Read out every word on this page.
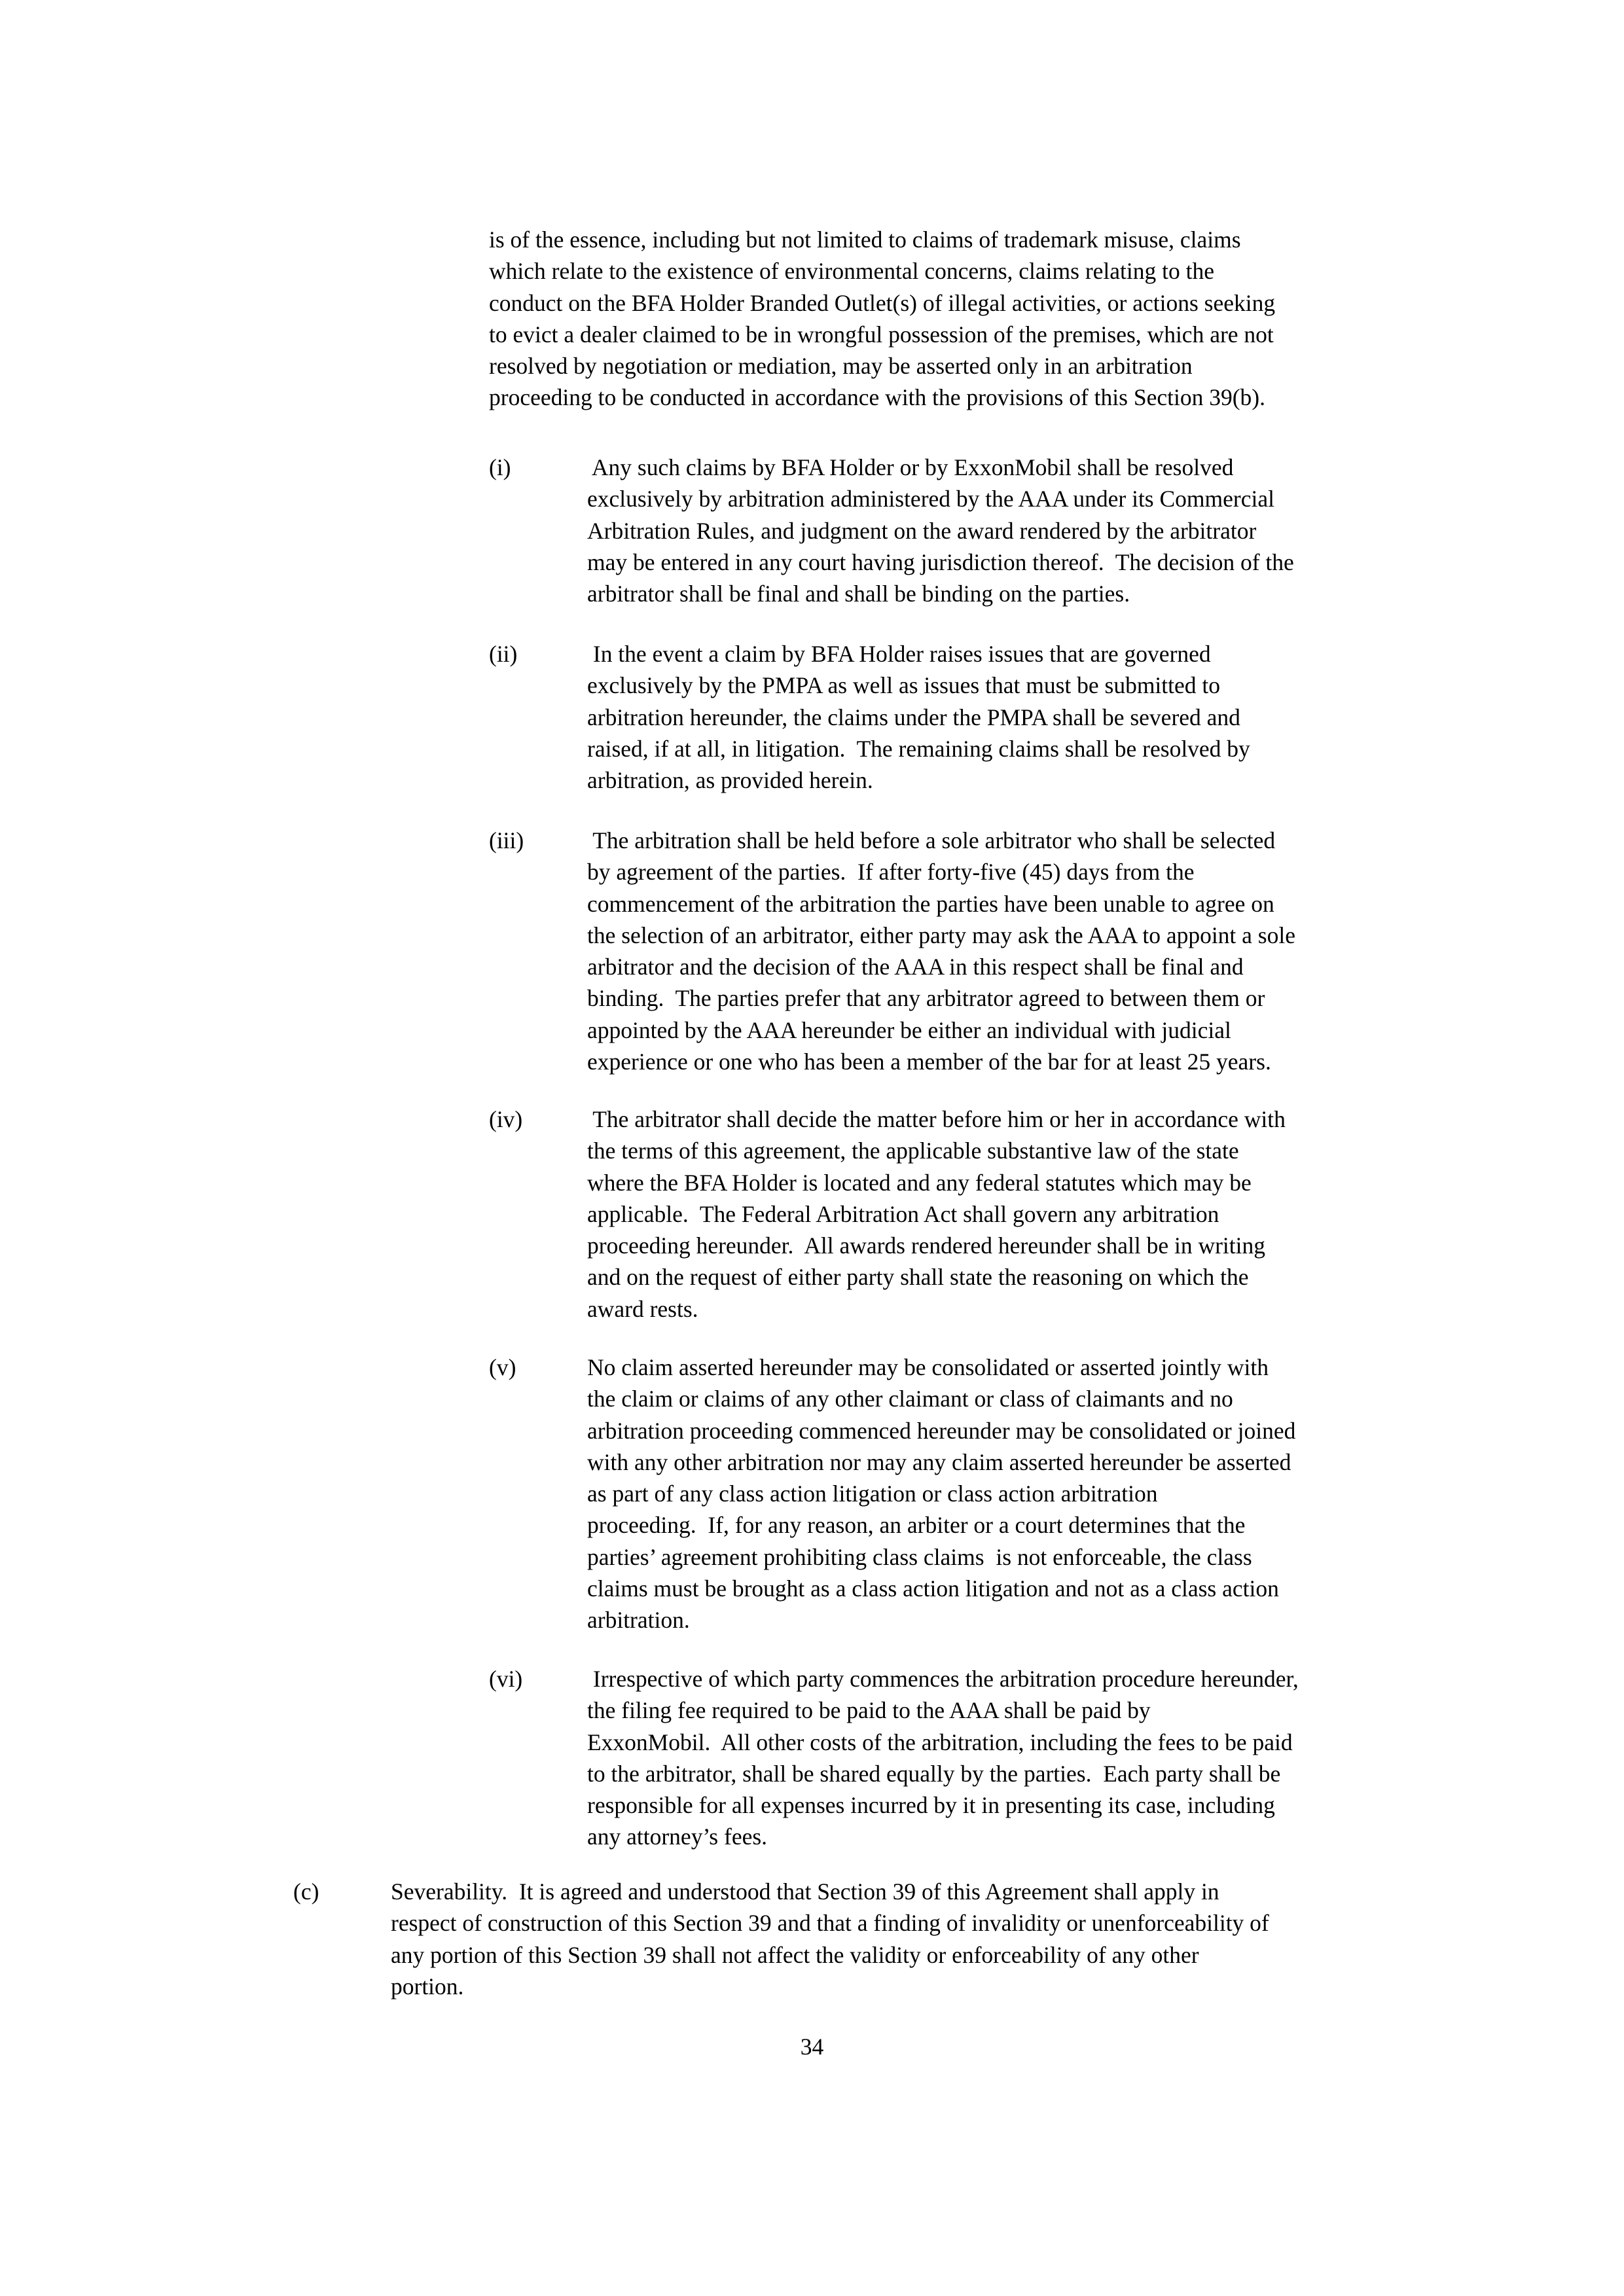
is of the essence, including but not limited to claims of trademark misuse, claims
which relate to the existence of environmental concerns, claims relating to the
conduct on the BFA Holder Branded Outlet(s) of illegal activities, or actions seeking
to evict a dealer claimed to be in wrongful possession of the premises, which are not
resolved by negotiation or mediation, may be asserted only in an arbitration
proceeding to be conducted in accordance with the provisions of this Section 39(b).

(i)	Any such claims by BFA Holder or by ExxonMobil shall be resolved
exclusively by arbitration administered by the AAA under its Commercial
Arbitration Rules, and judgment on the award rendered by the arbitrator
may be entered in any court having jurisdiction thereof.  The decision of the
arbitrator shall be final and shall be binding on the parties.

(ii)	In the event a claim by BFA Holder raises issues that are governed
exclusively by the PMPA as well as issues that must be submitted to
arbitration hereunder, the claims under the PMPA shall be severed and
raised, if at all, in litigation.  The remaining claims shall be resolved by
arbitration, as provided herein.

(iii)	The arbitration shall be held before a sole arbitrator who shall be selected
by agreement of the parties.  If after forty-five (45) days from the
commencement of the arbitration the parties have been unable to agree on
the selection of an arbitrator, either party may ask the AAA to appoint a sole
arbitrator and the decision of the AAA in this respect shall be final and
binding.  The parties prefer that any arbitrator agreed to between them or
appointed by the AAA hereunder be either an individual with judicial
experience or one who has been a member of the bar for at least 25 years.

(iv)	The arbitrator shall decide the matter before him or her in accordance with
the terms of this agreement, the applicable substantive law of the state
where the BFA Holder is located and any federal statutes which may be
applicable.  The Federal Arbitration Act shall govern any arbitration
proceeding hereunder.  All awards rendered hereunder shall be in writing
and on the request of either party shall state the reasoning on which the
award rests.

(v)	No claim asserted hereunder may be consolidated or asserted jointly with
the claim or claims of any other claimant or class of claimants and no
arbitration proceeding commenced hereunder may be consolidated or joined
with any other arbitration nor may any claim asserted hereunder be asserted
as part of any class action litigation or class action arbitration
proceeding.  If, for any reason, an arbiter or a court determines that the
parties’ agreement prohibiting class claims  is not enforceable, the class
claims must be brought as a class action litigation and not as a class action
arbitration.

(vi)	Irrespective of which party commences the arbitration procedure hereunder,
the filing fee required to be paid to the AAA shall be paid by
ExxonMobil.  All other costs of the arbitration, including the fees to be paid
to the arbitrator, shall be shared equally by the parties.  Each party shall be
responsible for all expenses incurred by it in presenting its case, including
any attorney’s fees.

(c)	Severability.  It is agreed and understood that Section 39 of this Agreement shall apply in
respect of construction of this Section 39 and that a finding of invalidity or unenforceability of
any portion of this Section 39 shall not affect the validity or enforceability of any other
portion.

34
